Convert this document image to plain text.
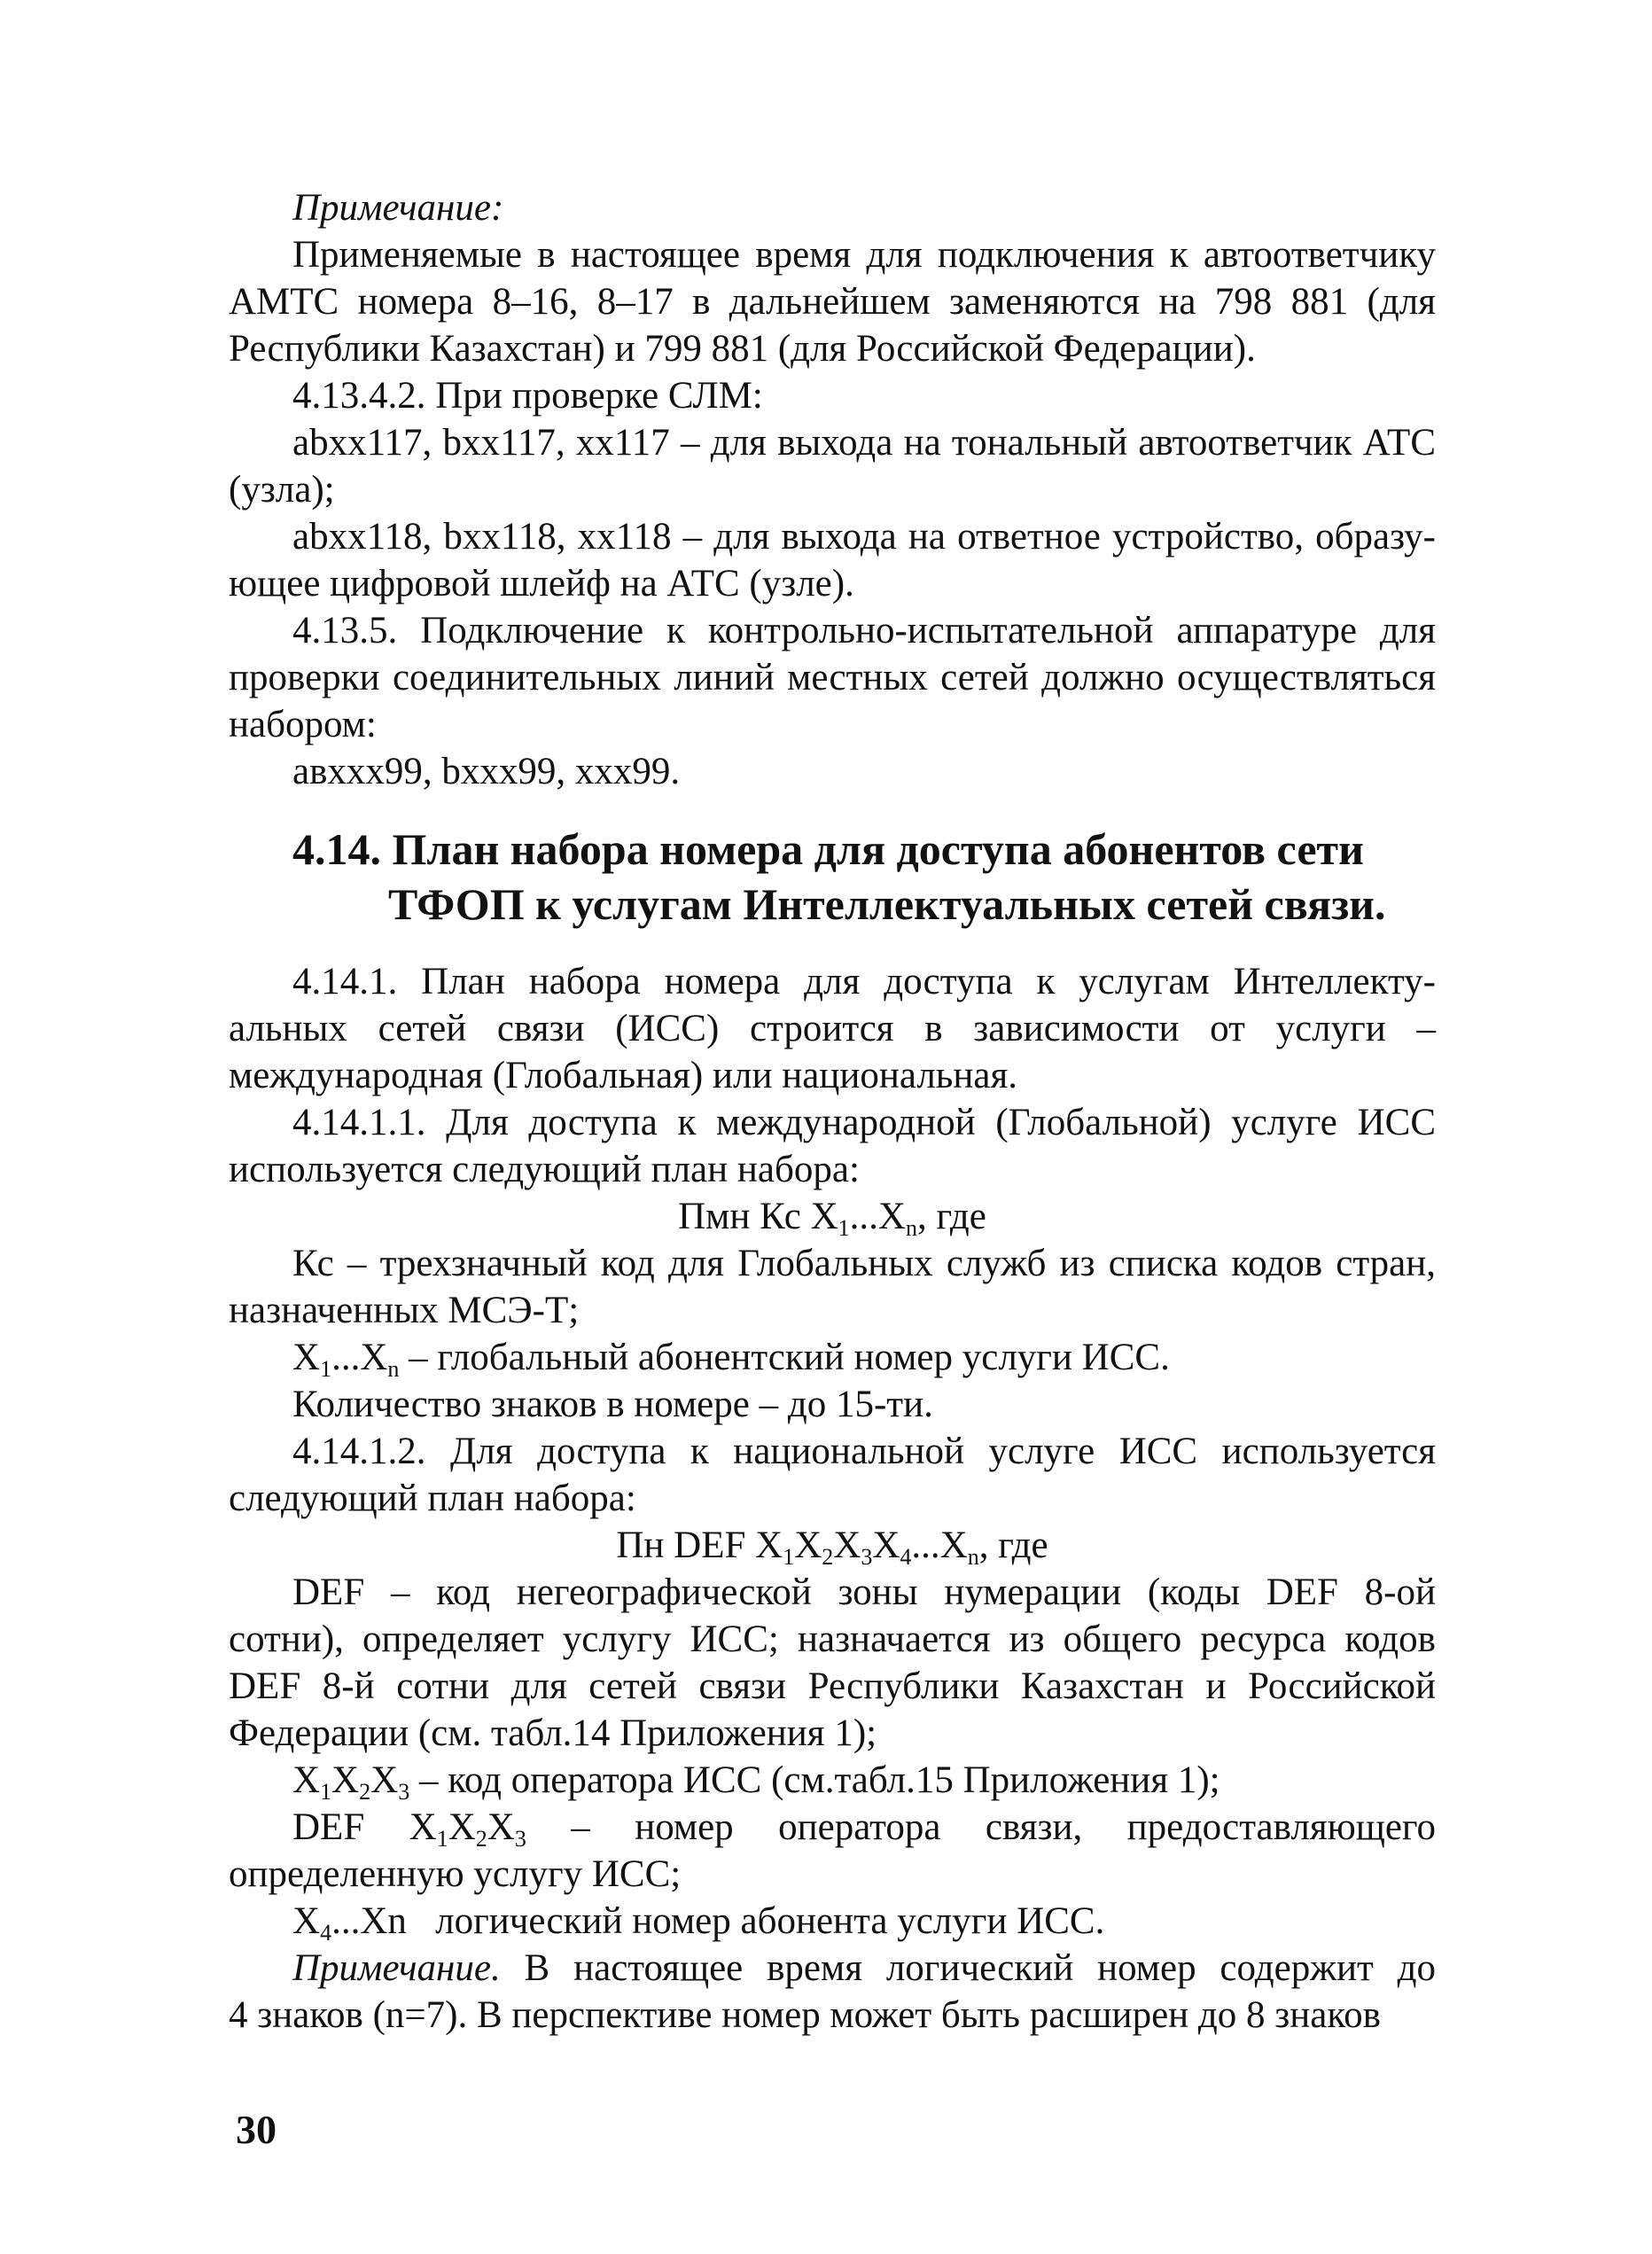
Примечание:
Применяемые в настоящее время для подключения к автоответчику
АМТС номера 8–16, 8–17 в дальнейшем заменяются на 798 881 (для
Республики Казахстан) и 799 881 (для Российской Федерации).
4.13.4.2. При проверке СЛМ:
abxx117, bxx117, xx117 – для выхода на тональный автоответчик АТС
(узла);
abxx118, bxx118, xx118 – для выхода на ответное устройство, образу-
ющее цифровой шлейф на АТС (узле).
4.13.5. Подключение к контрольно-испытательной аппаратуре для
проверки соединительных линий местных сетей должно осуществляться
набором:
авxxx99, bxxx99, xxx99.
4.14. План набора номера для доступа абонентов сети
ТФОП к услугам Интеллектуальных сетей связи.
4.14.1. План набора номера для доступа к услугам Интеллекту-
альных сетей связи (ИСС) строится в зависимости от услуги –
международная (Глобальная) или национальная.
4.14.1.1. Для доступа к международной (Глобальной) услуге ИСС
используется следующий план набора:
Пмн Кс $X_1...X_n$, где
Кс – трехзначный код для Глобальных служб из списка кодов стран,
назначенных МСЭ-Т;
$X_1...X_n$ – глобальный абонентский номер услуги ИСС.
Количество знаков в номере – до 15-ти.
4.14.1.2. Для доступа к национальной услуге ИСС используется
следующий план набора:
Пн DEF $X_1X_2X_3X_4...X_n$, где
DEF – код негеографической зоны нумерации (коды DEF 8-ой
сотни), определяет услугу ИСС; назначается из общего ресурса кодов
DEF 8-й сотни для сетей связи Республики Казахстан и Российской
Федерации (см. табл.14 Приложения 1);
$X_1X_2X_3$ – код оператора ИСС (см.табл.15 Приложения 1);
DEF $X_1X_2X_3$ – номер оператора связи, предоставляющего
определенную услугу ИСС;
$X_4...Xn$   логический номер абонента услуги ИСС.
Примечание. В настоящее время логический номер содержит до
4 знаков (n=7). В перспективе номер может быть расширен до 8 знаков
30
